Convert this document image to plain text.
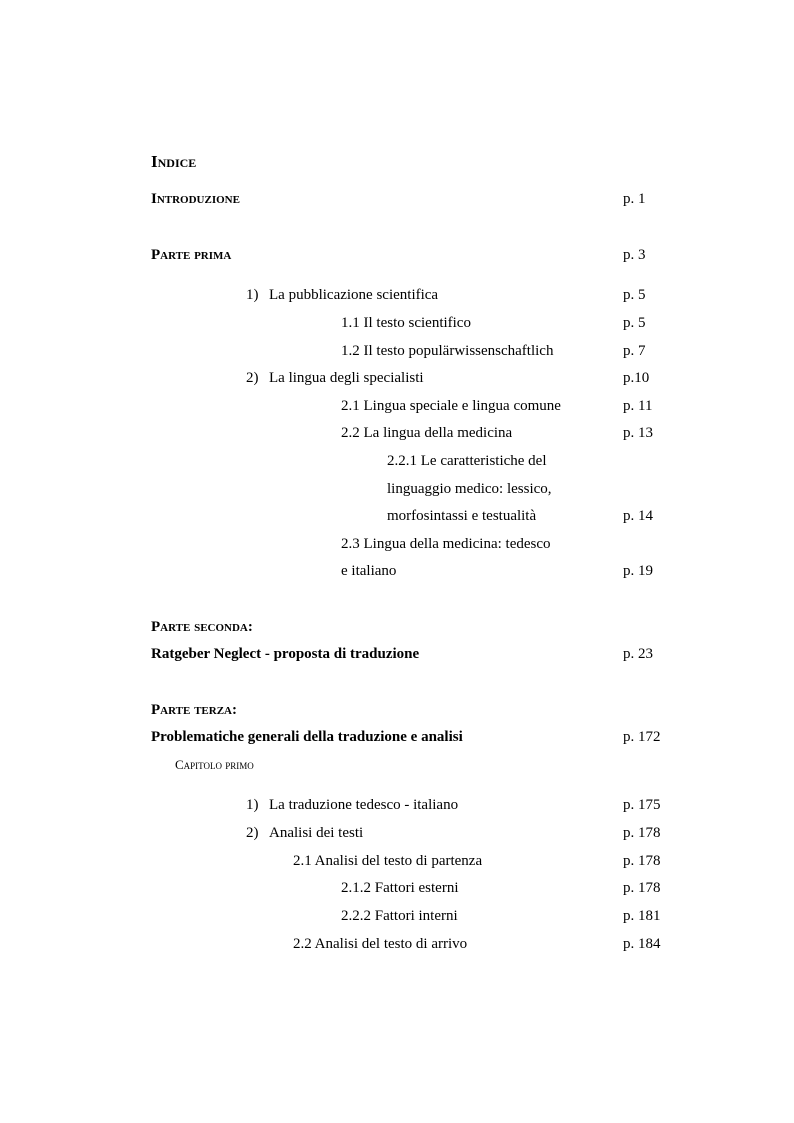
Indice
Introduzione	p. 1
Parte prima	p. 3
1) La pubblicazione scientifica	p. 5
1.1 Il testo scientifico	p. 5
1.2 Il testo populärwissenschaftlich	p. 7
2) La lingua degli specialisti	p.10
2.1 Lingua speciale e lingua comune	p. 11
2.2 La lingua della medicina	p. 13
2.2.1 Le caratteristiche del
linguaggio medico: lessico,
morfosintassi e testualità	p. 14
2.3 Lingua della medicina: tedesco
e italiano	p. 19
Parte seconda:
Ratgeber Neglect - proposta di traduzione	p. 23
Parte terza:
Problematiche generali della traduzione e analisi	p. 172
Capitolo primo
1) La traduzione tedesco - italiano	p. 175
2) Analisi dei testi	p. 178
2.1 Analisi del testo di partenza	p. 178
2.1.2 Fattori esterni	p. 178
2.2.2 Fattori interni	p. 181
2.2 Analisi del testo di arrivo	p. 184
